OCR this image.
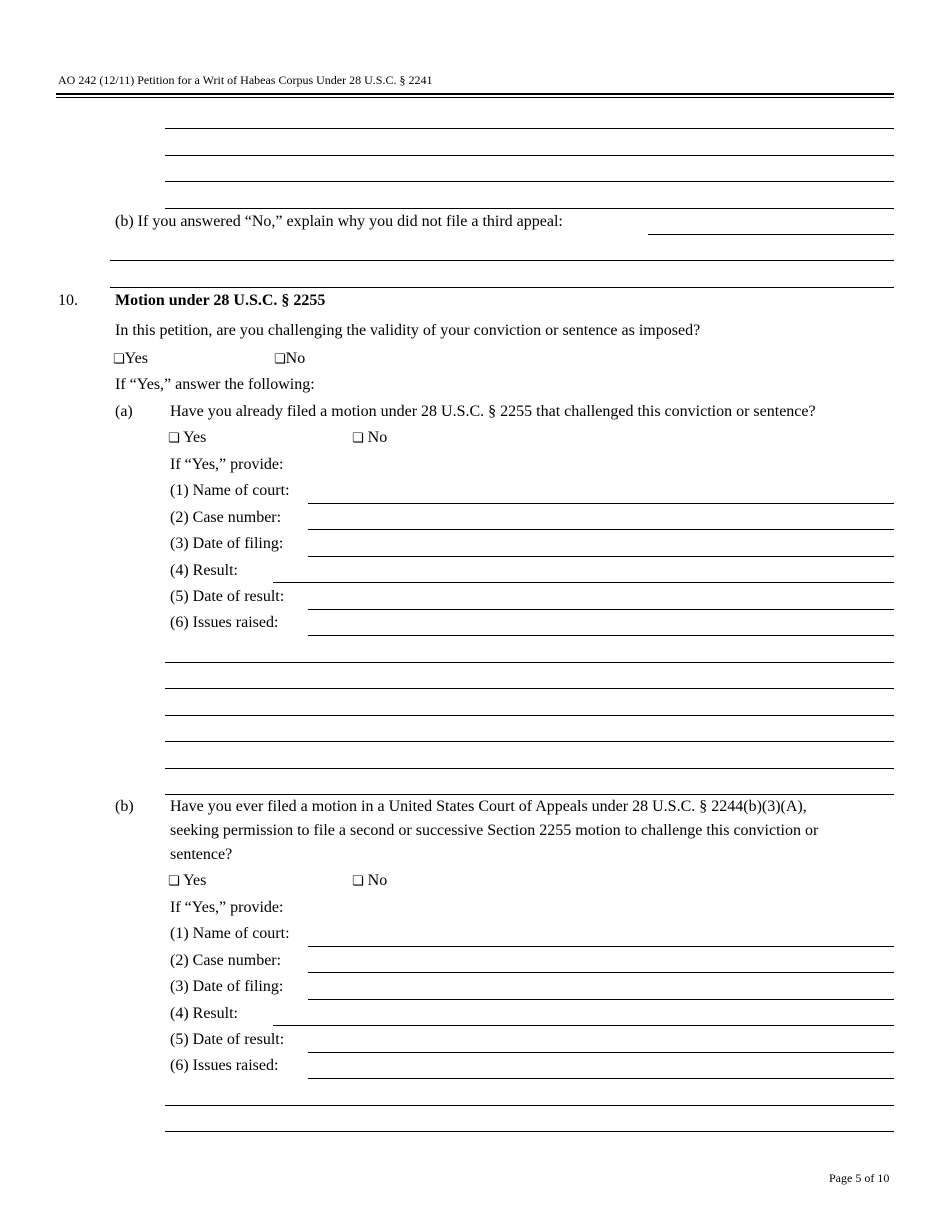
AO 242 (12/11) Petition for a Writ of Habeas Corpus Under 28 U.S.C. § 2241
(b) If you answered “No,” explain why you did not file a third appeal:
10. Motion under 28 U.S.C. § 2255
In this petition, are you challenging the validity of your conviction or sentence as imposed?
❏Yes	❏No
If “Yes,” answer the following:
(a) Have you already filed a motion under 28 U.S.C. § 2255 that challenged this conviction or sentence?
❏ Yes	❏ No
If “Yes,” provide:
(1) Name of court:
(2) Case number:
(3) Date of filing:
(4) Result:
(5) Date of result:
(6) Issues raised:
(b) Have you ever filed a motion in a United States Court of Appeals under 28 U.S.C. § 2244(b)(3)(A),
seeking permission to file a second or successive Section 2255 motion to challenge this conviction or
sentence?
❏ Yes	❏ No
If “Yes,” provide:
(1) Name of court:
(2) Case number:
(3) Date of filing:
(4) Result:
(5) Date of result:
(6) Issues raised:
Page 5 of 10
